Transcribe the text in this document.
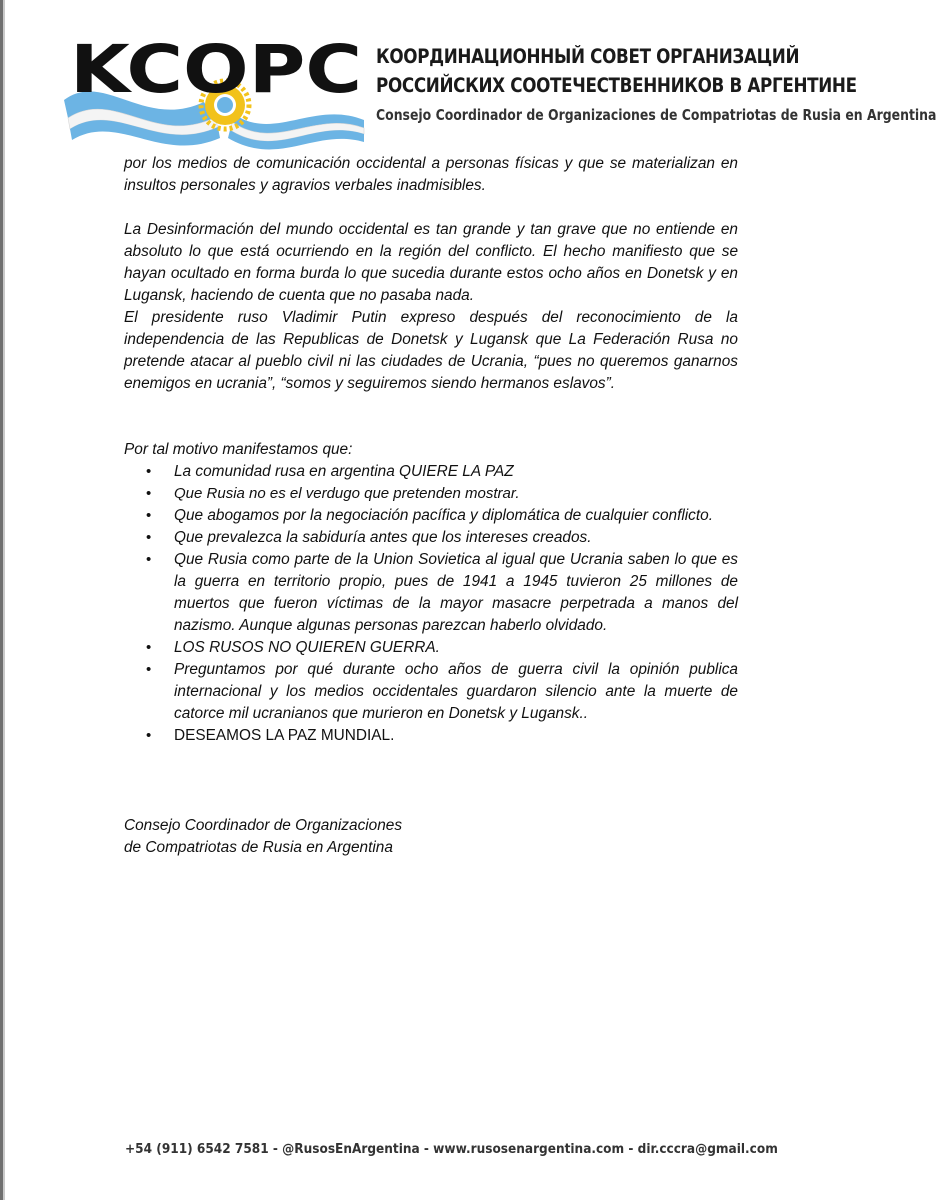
KCOPC КООРДИНАЦИОННЫЙ СОВЕТ ОРГАНИЗАЦИЙ
РОССИЙСКИХ СООТЕЧЕСТВЕННИКОВ В АРГЕНТИНЕ
Consejo Coordinador de Organizaciones de Compatriotas de Rusia en Argentina

por los medios de comunicación occidental a personas físicas y que se materializan en insultos personales y agravios verbales inadmisibles.

La Desinformación del mundo occidental es tan grande y tan grave que no entiende en absoluto lo que está ocurriendo en la región del conflicto. El hecho manifiesto que se hayan ocultado en forma burda lo que sucedia durante estos ocho años en Donetsk y en Lugansk, haciendo de cuenta que no pasaba nada.

El presidente ruso Vladimir Putin expreso después del reconocimiento de la independencia de las Republicas de Donetsk y Lugansk que La Federación Rusa no pretende atacar al pueblo civil ni las ciudades de Ucrania, “pues no queremos ganarnos enemigos en ucrania”, “somos y seguiremos siendo hermanos eslavos”.

Por tal motivo manifestamos que:

• La comunidad rusa en argentina QUIERE LA PAZ
• Que Rusia no es el verdugo que pretenden mostrar.
• Que abogamos por la negociación pacífica y diplomática de cualquier conflicto.
• Que prevalezca la sabiduría antes que los intereses creados.
• Que Rusia como parte de la Union Sovietica al igual que Ucrania saben lo que es la guerra en territorio propio, pues de 1941 a 1945 tuvieron 25 millones de muertos que fueron víctimas de la mayor masacre perpetrada a manos del nazismo. Aunque algunas personas parezcan haberlo olvidado.
• LOS RUSOS NO QUIEREN GUERRA.
• Preguntamos por qué durante ocho años de guerra civil la opinión publica internacional y los medios occidentales guardaron silencio ante la muerte de catorce mil ucranianos que murieron en Donetsk y Lugansk..
• DESEAMOS LA PAZ MUNDIAL.
Consejo Coordinador de Organizaciones
de Compatriotas de Rusia en Argentina
+54 (911) 6542 7581 - @RusosEnArgentina - www.rusosenargentina.com - dir.cccra@gmail.com
